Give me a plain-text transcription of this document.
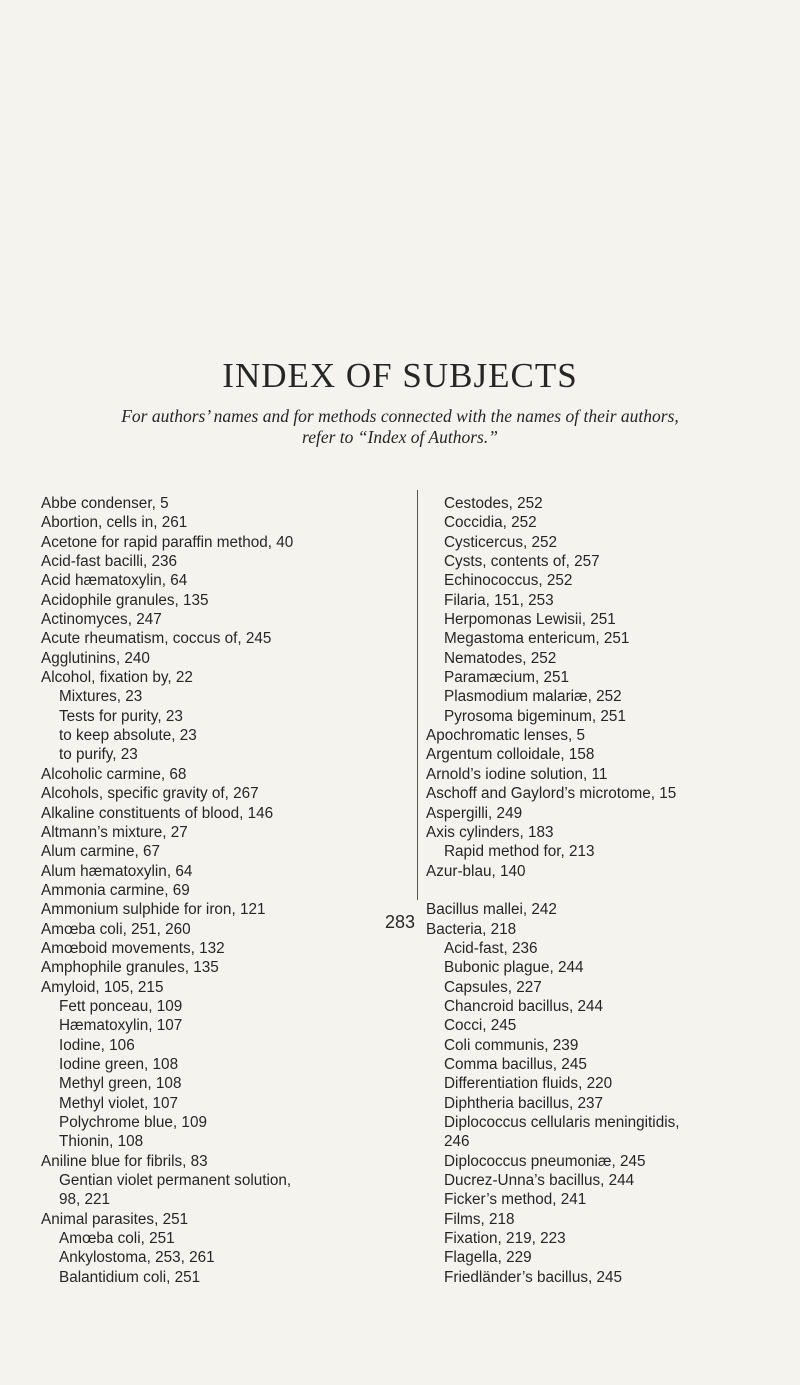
INDEX OF SUBJECTS
For authors’ names and for methods connected with the names of their authors,
refer to “Index of Authors.”
Abbe condenser, 5
Abortion, cells in, 261
Acetone for rapid paraffin method, 40
Acid-fast bacilli, 236
Acid hæmatoxylin, 64
Acidophile granules, 135
Actinomyces, 247
Acute rheumatism, coccus of, 245
Agglutinins, 240
Alcohol, fixation by, 22
Mixtures, 23
Tests for purity, 23
to keep absolute, 23
to purify, 23
Alcoholic carmine, 68
Alcohols, specific gravity of, 267
Alkaline constituents of blood, 146
Altmann’s mixture, 27
Alum carmine, 67
Alum hæmatoxylin, 64
Ammonia carmine, 69
Ammonium sulphide for iron, 121
Amœba coli, 251, 260
Amœboid movements, 132
Amphophile granules, 135
Amyloid, 105, 215
Fett ponceau, 109
Hæmatoxylin, 107
Iodine, 106
Iodine green, 108
Methyl green, 108
Methyl violet, 107
Polychrome blue, 109
Thionin, 108
Aniline blue for fibrils, 83
Gentian violet permanent solution,
98, 221
Animal parasites, 251
Amœba coli, 251
Ankylostoma, 253, 261
Balantidium coli, 251
Cestodes, 252
Coccidia, 252
Cysticercus, 252
Cysts, contents of, 257
Echinococcus, 252
Filaria, 151, 253
Herpomonas Lewisii, 251
Megastoma entericum, 251
Nematodes, 252
Paramæcium, 251
Plasmodium malariæ, 252
Pyrosoma bigeminum, 251
Apochromatic lenses, 5
Argentum colloidale, 158
Arnold’s iodine solution, 11
Aschoff and Gaylord’s microtome, 15
Aspergilli, 249
Axis cylinders, 183
Rapid method for, 213
Azur-blau, 140
Bacillus mallei, 242
Bacteria, 218
Acid-fast, 236
Bubonic plague, 244
Capsules, 227
Chancroid bacillus, 244
Cocci, 245
Coli communis, 239
Comma bacillus, 245
Differentiation fluids, 220
Diphtheria bacillus, 237
Diplococcus cellularis meningitidis,
246
Diplococcus pneumoniæ, 245
Ducrez-Unna’s bacillus, 244
Ficker’s method, 241
Films, 218
Fixation, 219, 223
Flagella, 229
Friedländer’s bacillus, 245
283
